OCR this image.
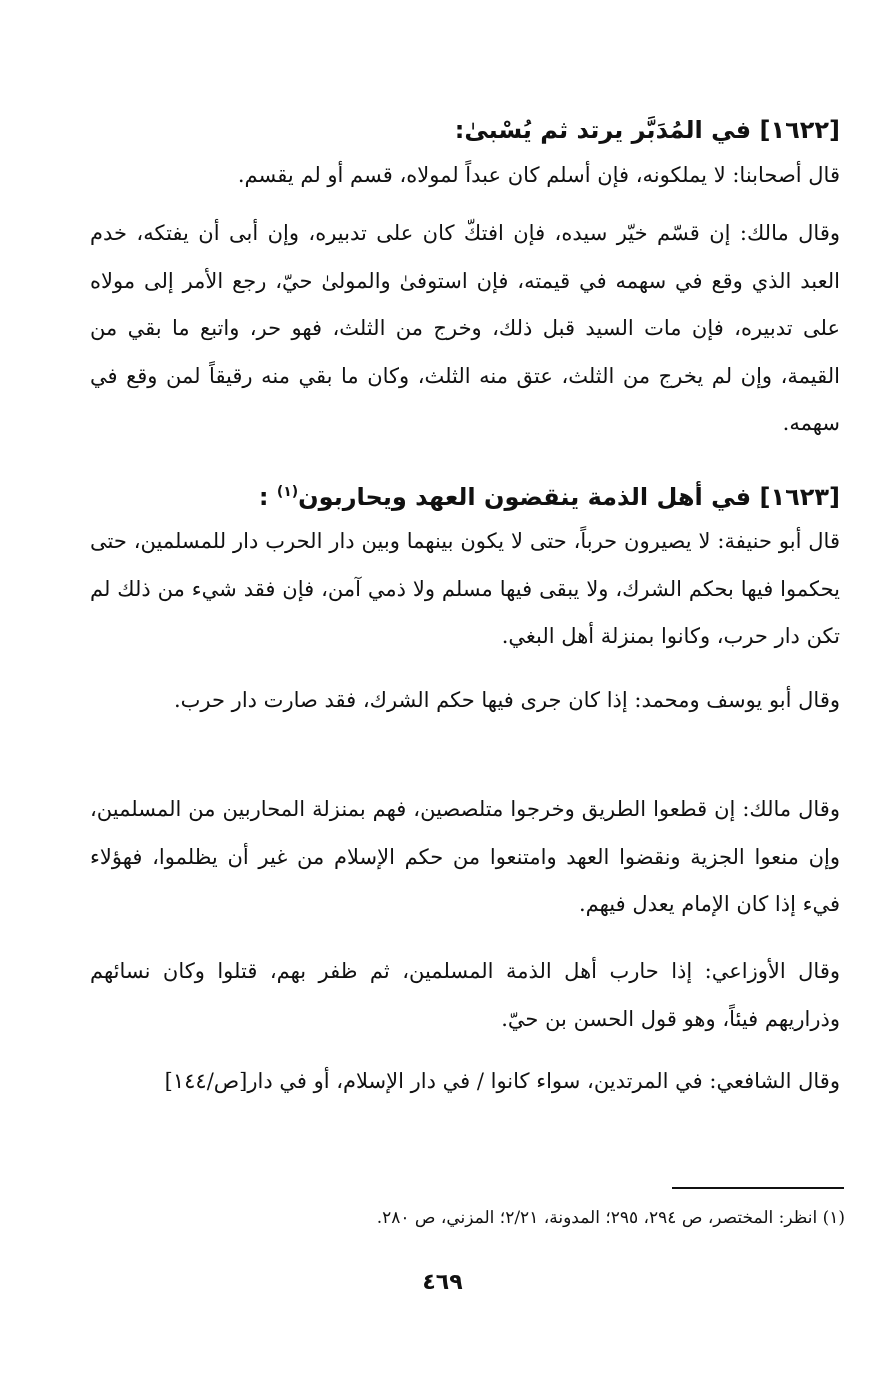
[١٦٢٢] في المُدَبَّر يرتد ثم يُسْبىٰ:

قال أصحابنا: لا يملكونه، فإن أسلم كان عبداً لمولاه، قسم أو لم يقسم.

وقال مالك: إن قسّم خيّر سيده، فإن افتكّ كان على تدبيره، وإن أبى أن يفتكه، خدم العبد الذي وقع في سهمه في قيمته، فإن استوفىٰ والمولىٰ حيّ، رجع الأمر إلى مولاه على تدبيره، فإن مات السيد قبل ذلك، وخرج من الثلث، فهو حر، واتبع ما بقي من القيمة، وإن لم يخرج من الثلث، عتق منه الثلث، وكان ما بقي منه رقيقاً لمن وقع في سهمه.

[١٦٢٣] في أهل الذمة ينقضون العهد ويحاربون$^{(١)}$ :

قال أبو حنيفة: لا يصيرون حرباً، حتى لا يكون بينهما وبين دار الحرب دار للمسلمين، حتى يحكموا فيها بحكم الشرك، ولا يبقى فيها مسلم ولا ذمي آمن، فإن فقد شيء من ذلك لم تكن دار حرب، وكانوا بمنزلة أهل البغي.

وقال أبو يوسف ومحمد: إذا كان جرى فيها حكم الشرك، فقد صارت دار حرب.

وقال مالك: إن قطعوا الطريق وخرجوا متلصصين، فهم بمنزلة المحاربين من المسلمين، وإن منعوا الجزية ونقضوا العهد وامتنعوا من حكم الإسلام من غير أن يظلموا، فهؤلاء فيء إذا كان الإمام يعدل فيهم.

وقال الأوزاعي: إذا حارب أهل الذمة المسلمين، ثم ظفر بهم، قتلوا وكان نسائهم وذراريهم فيئاً، وهو قول الحسن بن حيّ.

وقال الشافعي: في المرتدين، سواء كانوا / في دار الإسلام، أو في دار[ص/١٤٤]
(١) انظر: المختصر، ص ٢٩٤، ٢٩٥؛ المدونة، ٢/٢١؛ المزني، ص ٢٨٠.
٤٦٩
